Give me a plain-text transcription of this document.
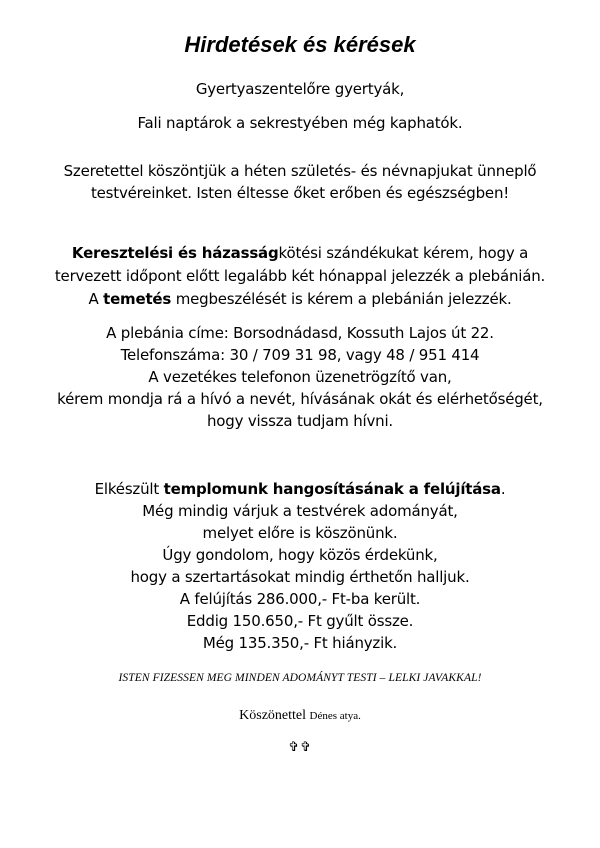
Hirdetések és kérések
Gyertyaszentelőre gyertyák,
Fali naptárok a sekrestyében még kaphatók.
Szeretettel köszöntjük a héten születés- és névnapjukat ünneplő
testvéreinket. Isten éltesse őket erőben és egészségben!
Keresztelési és házasságkötési szándékukat kérem, hogy a
tervezett időpont előtt legalább két hónappal jelezzék a plebánián.
A temetés megbeszélését is kérem a plebánián jelezzék.
A plebánia címe: Borsodnádasd, Kossuth Lajos út 22.
Telefonszáma: 30 / 709 31 98, vagy 48 / 951 414
A vezetékes telefonon üzenetrögzítő van,
kérem mondja rá a hívó a nevét, hívásának okát és elérhetőségét,
hogy vissza tudjam hívni.
Elkészült templomunk hangosításának a felújítása.
Még mindig várjuk a testvérek adományát,
melyet előre is köszönünk.
Úgy gondolom, hogy közös érdekünk,
hogy a szertartásokat mindig érthetőn halljuk.
A felújítás 286.000,- Ft-ba került.
Eddig 150.650,- Ft gyűlt össze.
Még 135.350,- Ft hiányzik.
ISTEN FIZESSEN MEG MINDEN ADOMÁNYT TESTI – LELKI JAVAKKAL!
Köszönettel Dénes atya.
✞✞
